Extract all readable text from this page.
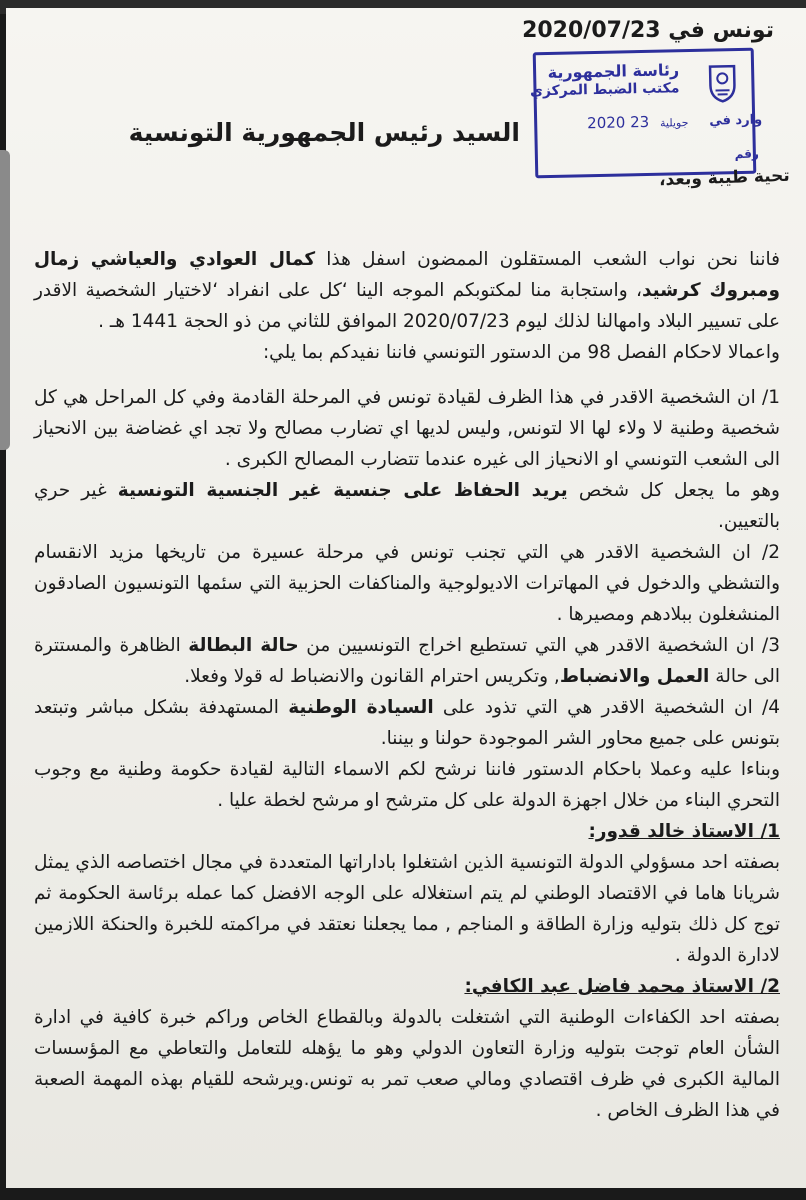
تونس في 2020/07/23
رئاسة الجمهورية
مكتب الضبط المركزي
2020	جويلية 23	وارد في
رقم
السيد رئيس الجمهورية التونسية
تحية طيبة وبعد،

فاننا نحن نواب الشعب المستقلون الممضون اسفل هذا كمال العوادي والعياشي زمال ومبروك كرشيد، واستجابة منا لمكتوبكم الموجه الينا ‘كل على انفراد ‘لاختيار الشخصية الاقدر على تسيير البلاد وامهالنا لذلك ليوم 2020/07/23 الموافق للثاني من ذو الحجة 1441 هـ .

واعمالا لاحكام الفصل 98 من الدستور التونسي فاننا نفيدكم بما يلي:

1/ ان الشخصية الاقدر في هذا الظرف لقيادة تونس في المرحلة القادمة وفي كل المراحل هي كل شخصية وطنية لا ولاء لها الا لتونس, وليس لديها اي تضارب مصالح ولا تجد اي غضاضة بين الانحياز الى الشعب التونسي او الانحياز الى غيره عندما تتضارب المصالح الكبرى .

وهو ما يجعل كل شخص يريد الحفاظ على جنسية غير الجنسية التونسية غير حري بالتعيين.

2/ ان الشخصية الاقدر هي التي تجنب تونس في مرحلة عسيرة من تاريخها مزيد الانقسام والتشظي والدخول في المهاترات الاديولوجية والمناكفات الحزبية التي سئمها التونسيون الصادقون المنشغلون ببلادهم ومصيرها .

3/ ان الشخصية الاقدر هي التي تستطيع اخراج التونسيين من حالة البطالة الظاهرة والمستترة الى حالة العمل والانضباط, وتكريس احترام القانون والانضباط له قولا وفعلا.

4/ ان الشخصية الاقدر هي التي تذود على السيادة الوطنية المستهدفة بشكل مباشر وتبتعد بتونس على جميع محاور الشر الموجودة حولنا و بيننا.

وبناءا عليه وعملا باحكام الدستور فاننا نرشح لكم الاسماء التالية لقيادة حكومة وطنية مع وجوب التحري البناء من خلال اجهزة الدولة على كل مترشح او مرشح لخطة عليا .

1/ الاستاذ خالد قدور:

بصفته احد مسؤولي الدولة التونسية الذين اشتغلوا باداراتها المتعددة في مجال اختصاصه الذي يمثل شريانا هاما في الاقتصاد الوطني لم يتم استغلاله على الوجه الافضل كما عمله برئاسة الحكومة ثم توج كل ذلك بتوليه وزارة الطاقة و المناجم , مما يجعلنا نعتقد في مراكمته للخبرة والحنكة اللازمين لادارة الدولة .

2/ الاستاذ محمد فاضل عبد الكافي:

بصفته احد الكفاءات الوطنية التي اشتغلت بالدولة وبالقطاع الخاص وراكم خبرة كافية في ادارة الشأن العام توجت بتوليه وزارة التعاون الدولي وهو ما يؤهله للتعامل والتعاطي مع المؤسسات المالية الكبرى في ظرف اقتصادي ومالي صعب تمر به تونس.ويرشحه للقيام بهذه المهمة الصعبة في هذا الظرف الخاص .
